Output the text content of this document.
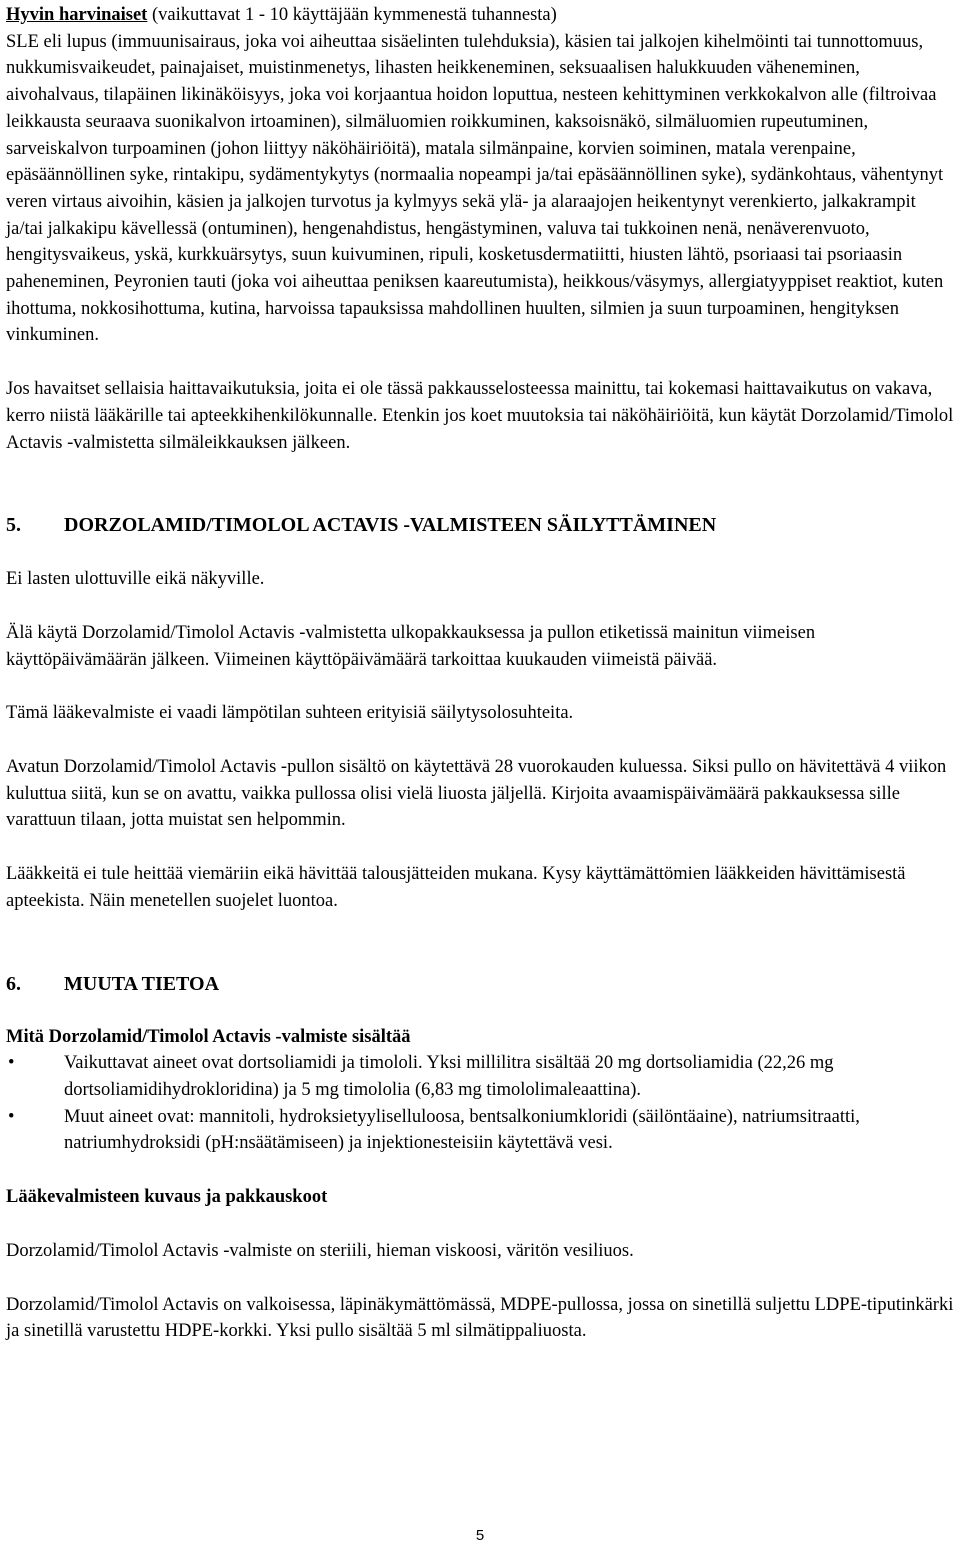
Hyvin harvinaiset (vaikuttavat 1 - 10 käyttäjään kymmenestä tuhannesta)
SLE eli lupus (immuunisairaus, joka voi aiheuttaa sisäelinten tulehduksia), käsien tai jalkojen kihelmöinti tai tunnottomuus, nukkumisvaikeudet, painajaiset, muistinmenetys, lihasten heikkeneminen, seksuaalisen halukkuuden väheneminen, aivohalvaus, tilapäinen likinäköisyys, joka voi korjaantua hoidon loputtua, nesteen kehittyminen verkkokalvon alle (filtroivaa leikkausta seuraava suonikalvon irtoaminen), silmäluomien roikkuminen, kaksoisnäkö, silmäluomien rupeutuminen, sarveiskalvon turpoaminen (johon liittyy näköhäiriöitä), matala silmänpaine, korvien soiminen, matala verenpaine, epäsäännöllinen syke, rintakipu, sydämentykytys (normaalia nopeampi ja/tai epäsäännöllinen syke), sydänkohtaus, vähentynyt veren virtaus aivoihin, käsien ja jalkojen turvotus ja kylmyys sekä ylä- ja alaraajojen heikentynyt verenkierto, jalkakrampit ja/tai jalkakipu kävellessä (ontuminen), hengenahdistus, hengästyminen, valuva tai tukkoinen nenä, nenäverenvuoto, hengitysvaikeus, yskä, kurkkuärsytys, suun kuivuminen, ripuli, kosketusdermatiitti, hiusten lähtö, psoriaasi tai psoriaasin paheneminen, Peyronien tauti (joka voi aiheuttaa peniksen kaareutumista), heikkous/väsymys, allergiatyyppiset reaktiot, kuten ihottuma, nokkosihottuma, kutina, harvoissa tapauksissa mahdollinen huulten, silmien ja suun turpoaminen, hengityksen vinkuminen.

Jos havaitset sellaisia haittavaikutuksia, joita ei ole tässä pakkausselosteessa mainittu, tai kokemasi haittavaikutus on vakava, kerro niistä lääkärille tai apteekkihenkilökunnalle. Etenkin jos koet muutoksia tai näköhäiriöitä, kun käytät Dorzolamid/Timolol Actavis -valmistetta silmäleikkauksen jälkeen.

5. DORZOLAMID/TIMOLOL ACTAVIS -VALMISTEEN SÄILYTTÄMINEN

Ei lasten ulottuville eikä näkyville.

Älä käytä Dorzolamid/Timolol Actavis -valmistetta ulkopakkauksessa ja pullon etiketissä mainitun viimeisen käyttöpäivämäärän jälkeen. Viimeinen käyttöpäivämäärä tarkoittaa kuukauden viimeistä päivää.

Tämä lääkevalmiste ei vaadi lämpötilan suhteen erityisiä säilytysolosuhteita.

Avatun Dorzolamid/Timolol Actavis -pullon sisältö on käytettävä 28 vuorokauden kuluessa. Siksi pullo on hävitettävä 4 viikon kuluttua siitä, kun se on avattu, vaikka pullossa olisi vielä liuosta jäljellä. Kirjoita avaamispäivämäärä pakkauksessa sille varattuun tilaan, jotta muistat sen helpommin.

Lääkkeitä ei tule heittää viemäriin eikä hävittää talousjätteiden mukana. Kysy käyttämättömien lääkkeiden hävittämisestä apteekista. Näin menetellen suojelet luontoa.

6. MUUTA TIETOA
Mitä Dorzolamid/Timolol Actavis -valmiste sisältää
•	Vaikuttavat aineet ovat dortsoliamidi ja timololi. Yksi millilitra sisältää 20 mg dortsoliamidia (22,26 mg dortsoliamidihydrokloridina) ja 5 mg timololia (6,83 mg timololimaleaattina).
•	Muut aineet ovat: mannitoli, hydroksietyyliselluloosa, bentsalkoniumkloridi (säilöntäaine), natriumsitraatti, natriumhydroksidi (pH:nsäätämiseen) ja injektionesteisiin käytettävä vesi.
Lääkevalmisteen kuvaus ja pakkauskoot

Dorzolamid/Timolol Actavis -valmiste on steriili, hieman viskoosi, väritön vesiliuos.

Dorzolamid/Timolol Actavis on valkoisessa, läpinäkymättömässä, MDPE-pullossa, jossa on sinetillä suljettu LDPE-tiputinkärki ja sinetillä varustettu HDPE-korkki. Yksi pullo sisältää 5 ml silmätippaliuosta.

5
